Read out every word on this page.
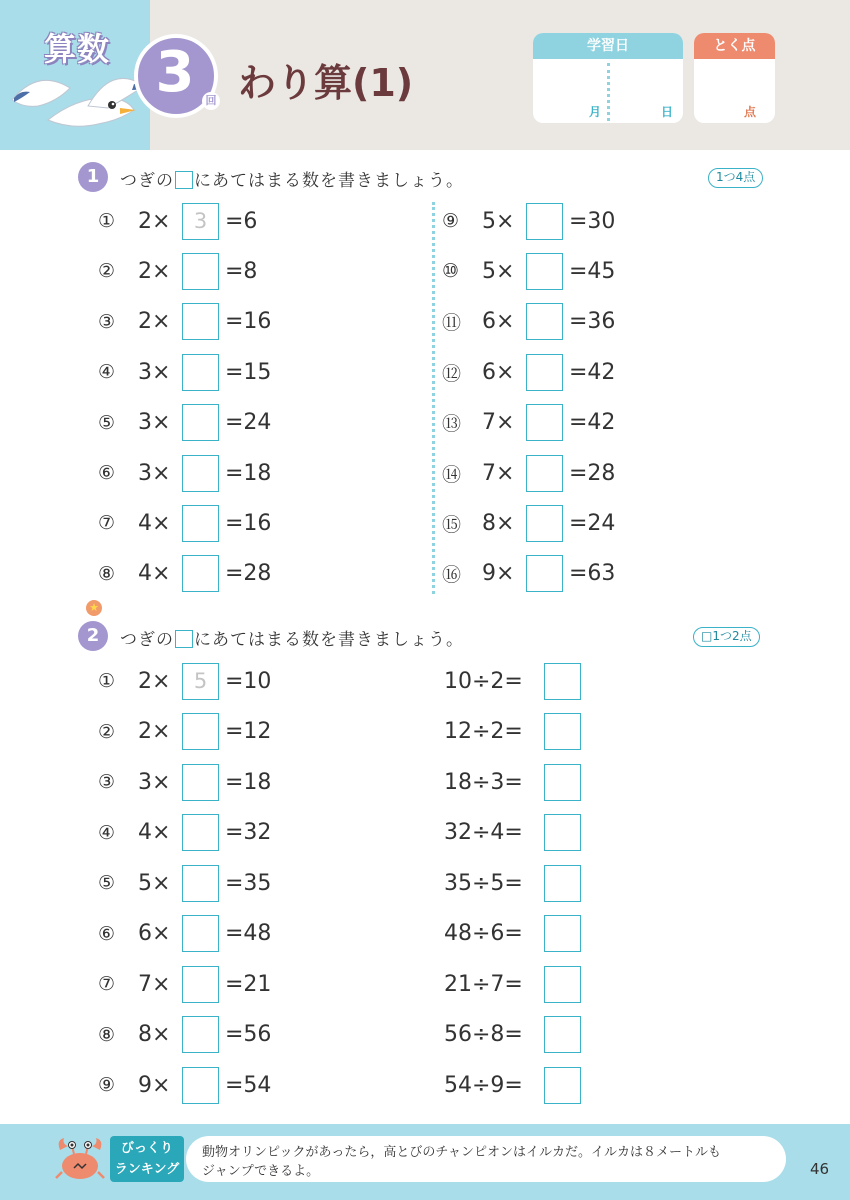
算数 3	回 わり算(1)
学習日
月	日
とく点
点
1	つぎの にあてはまる数を書きましょう。	1つ4点
①	2×	3 =6
②	2×	=8
③	2×	=16
④	3×	=15
⑤	3×	=24
⑥	3×	=18
⑦	4×	=16
⑧	4×	=28
⑨	5×	=30
⑩	5×	=45
⑪ 6×	=36
⑫ 6×	=42
⑬ 7×	=42
⑭ 7×	=28
⑮ 8×	=24
⑯ 9×	=63
★
2	つぎの にあてはまる数を書きましょう。	□1つ2点
①	2×	5 =10
②	2×	=12
③	3×	=18
④	4×	=32
⑤	5×	=35
⑥	6×	=48
⑦	7×	=21
⑧	8×	=56
⑨	9×	=54
10÷2=
12÷2=
18÷3=
32÷4=
35÷5=
48÷6=
21÷7=
56÷8=
54÷9=
びっくり
ランキング
動物オリンピックがあったら，高とびのチャンピオンはイルカだ。イルカは８メートルも
ジャンプできるよ。	46
